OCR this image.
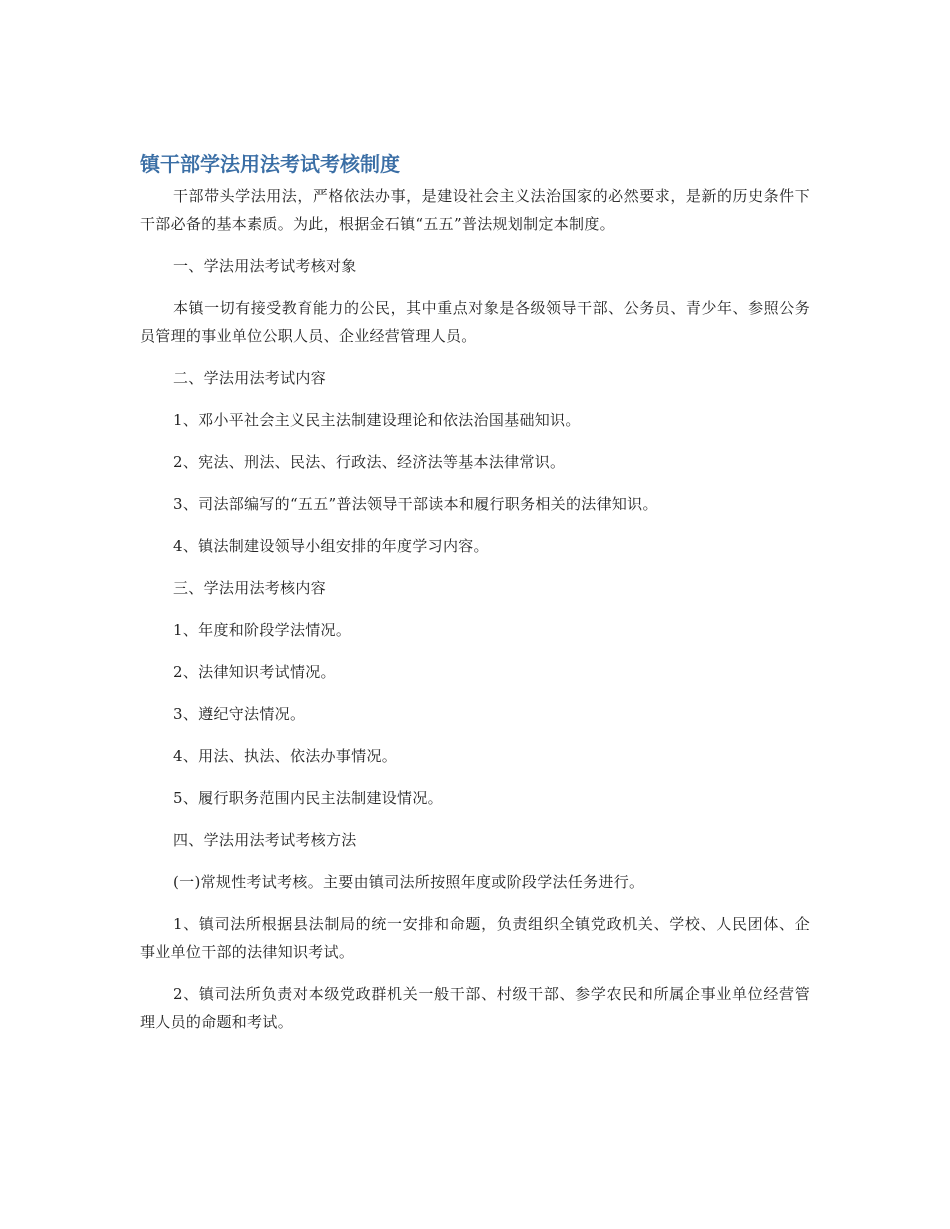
镇干部学法用法考试考核制度

干部带头学法用法，严格依法办事，是建设社会主义法治国家的必然要求，是新的历史条件下干部必备的基本素质。为此，根据金石镇“五五”普法规划制定本制度。

一、学法用法考试考核对象

本镇一切有接受教育能力的公民，其中重点对象是各级领导干部、公务员、青少年、参照公务员管理的事业单位公职人员、企业经营管理人员。

二、学法用法考试内容

1、邓小平社会主义民主法制建设理论和依法治国基础知识。

2、宪法、刑法、民法、行政法、经济法等基本法律常识。

3、司法部编写的“五五”普法领导干部读本和履行职务相关的法律知识。

4、镇法制建设领导小组安排的年度学习内容。

三、学法用法考核内容

1、年度和阶段学法情况。

2、法律知识考试情况。

3、遵纪守法情况。

4、用法、执法、依法办事情况。

5、履行职务范围内民主法制建设情况。

四、学法用法考试考核方法

(一)常规性考试考核。主要由镇司法所按照年度或阶段学法任务进行。

1、镇司法所根据县法制局的统一安排和命题，负责组织全镇党政机关、学校、人民团体、企事业单位干部的法律知识考试。

2、镇司法所负责对本级党政群机关一般干部、村级干部、参学农民和所属企事业单位经营管理人员的命题和考试。
